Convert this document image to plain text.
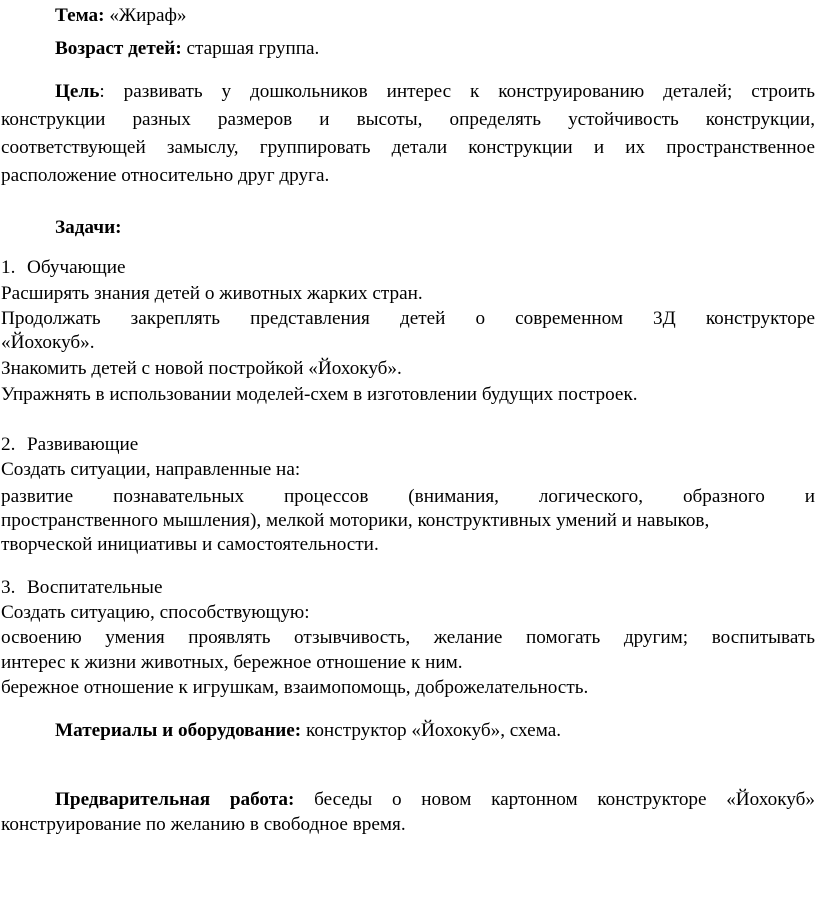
Тема: «Жираф»
Возраст детей: старшая группа.
Цель: развивать у дошкольников интерес к конструированию деталей; строить
конструкции разных размеров и высоты, определять устойчивость конструкции,
соответствующей замыслу, группировать детали конструкции и их пространственное
расположение относительно друг друга.
Задачи:
1. Обучающие
Расширять знания детей о животных жарких стран.
Продолжать закреплять представления детей о современном 3Д конструкторе
«Йохокуб».
Знакомить детей с новой постройкой «Йохокуб».
Упражнять в использовании моделей-схем в изготовлении будущих построек.
2. Развивающие
Создать ситуации, направленные на:
развитие познавательных процессов (внимания, логического, образного и
пространственного мышления), мелкой моторики, конструктивных умений и навыков,
творческой инициативы и самостоятельности.
3. Воспитательные
Создать ситуацию, способствующую:
освоению умения проявлять отзывчивость, желание помогать другим; воспитывать
интерес к жизни животных, бережное отношение к ним.
бережное отношение к игрушкам, взаимопомощь, доброжелательность.
Материалы и оборудование: конструктор «Йохокуб», схема.
Предварительная работа: беседы о новом картонном конструкторе «Йохокуб»
конструирование по желанию в свободное время.
